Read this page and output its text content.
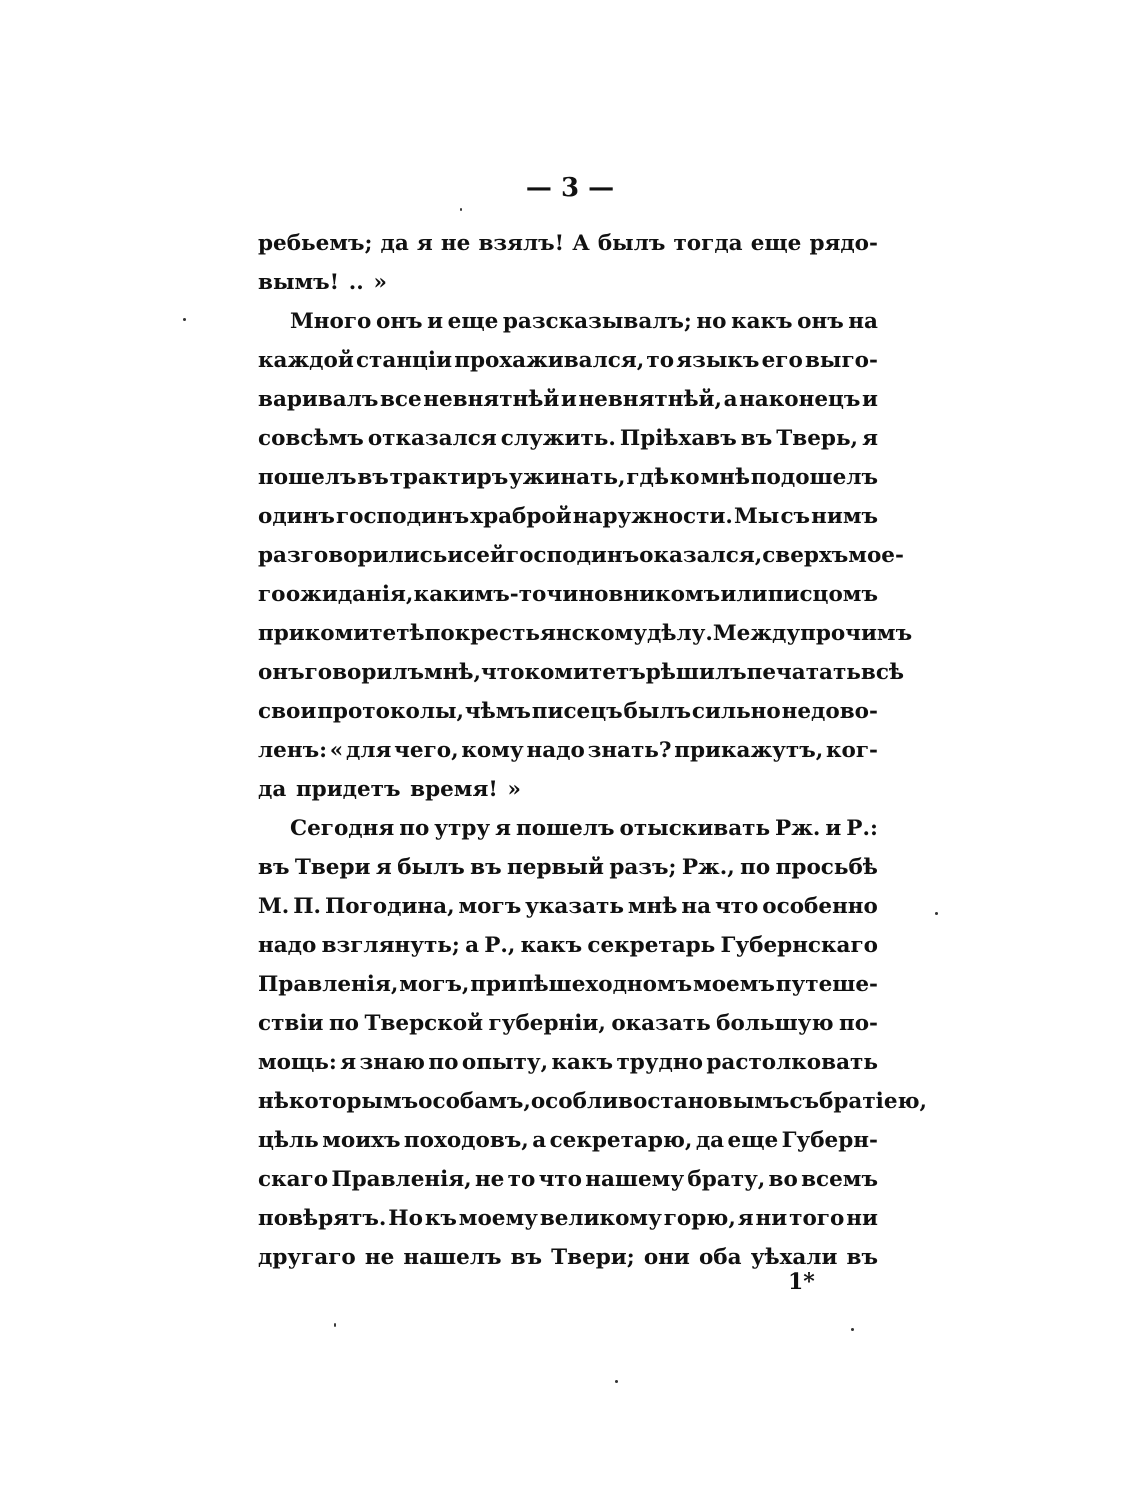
— 3 —
ребьемъ; да я не взялъ! А былъ тогда еще рядо-
вымъ! .. »
Много онъ и еще разсказывалъ; но какъ онъ на
каждой станціи прохаживался, то языкъ его выго-
варивалъ все невнятнѣй и невнятнѣй, а наконецъ и
совсѣмъ отказался служить. Пріѣхавъ въ Тверь, я
пошелъ въ трактиръ ужинать, гдѣ ко мнѣ подошелъ
одинъ господинъ храброй наружности. Мы съ нимъ
разговорились и сей господинъ оказался, сверхъ моe-
го ожиданія, какимъ-то чиновникомъ или писцомъ
при комитетѣ по крестьянскому дѣлу. Между прочимъ
онъ говорилъ мнѣ, что комитетъ рѣшилъ печатать всѣ
свои протоколы, чѣмъ писецъ былъ сильно недово-
ленъ: « для чего, кому надо знать? прикажутъ, ког-
да придетъ время! »
Сегодня по утру я пошелъ отыскивать Рж. и Р.:
въ Твери я былъ въ первый разъ; Рж., по просьбѣ
М. П. Погодина, могъ указать мнѣ на что особенно
надо взглянуть; а Р., какъ секретарь Губернскаго
Правленія, могъ, при пѣшеходномъ моемъ путеше-
ствіи по Тверской губерніи, оказать большую по-
мощь: я знаю по опыту, какъ трудно растолковать
нѣкоторымъ особамъ, особливо становымъ съ братіею,
цѣль моихъ походовъ, а секретарю, да еще Губерн-
скаго Правленія, не то что нашему брату, во всемъ
повѣрятъ. Но къ моему великому горю, я ни того ни
другаго не нашелъ въ Твери; они оба уѣхали въ
1*
